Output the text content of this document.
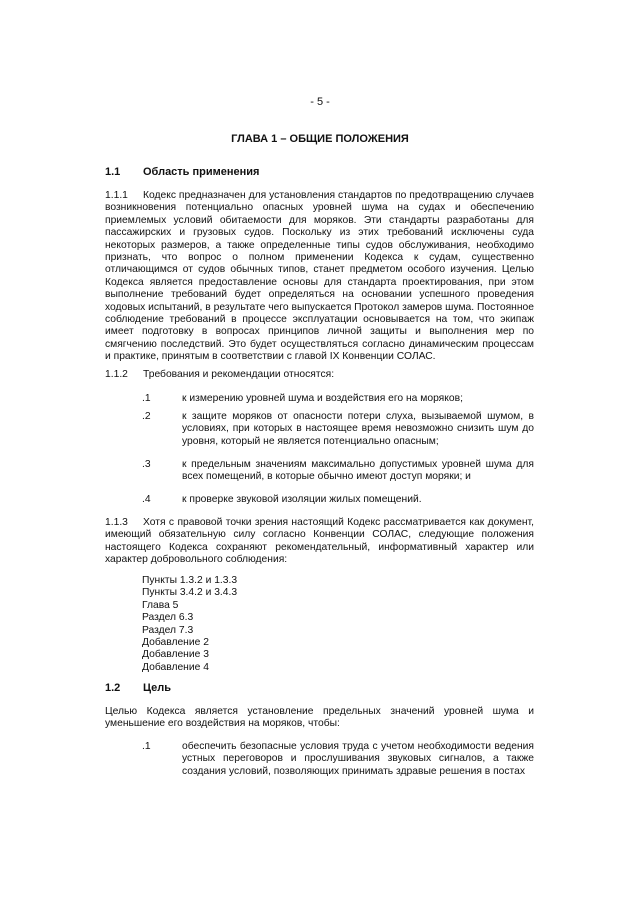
- 5 -
ГЛАВА 1 – ОБЩИЕ ПОЛОЖЕНИЯ
1.1 Область применения
1.1.1	Кодекс предназначен для установления стандартов по предотвращению случаев возникновения потенциально опасных уровней шума на судах и обеспечению приемлемых условий обитаемости для моряков. Эти стандарты разработаны для пассажирских и грузовых судов. Поскольку из этих требований исключены суда некоторых размеров, а также определенные типы судов обслуживания, необходимо признать, что вопрос о полном применении Кодекса к судам, существенно отличающимся от судов обычных типов, станет предметом особого изучения. Целью Кодекса является предоставление основы для стандарта проектирования, при этом выполнение требований будет определяться на основании успешного проведения ходовых испытаний, в результате чего выпускается Протокол замеров шума. Постоянное соблюдение требований в процессе эксплуатации основывается на том, что экипаж имеет подготовку в вопросах принципов личной защиты и выполнения мер по смягчению последствий. Это будет осуществляться согласно динамическим процессам и практике, принятым в соответствии с главой IX Конвенции СОЛАС.
1.1.2 Требования и рекомендации относятся:
.1	к измерению уровней шума и воздействия его на моряков;
.2	к защите моряков от опасности потери слуха, вызываемой шумом, в условиях, при которых в настоящее время невозможно снизить шум до уровня, который не является потенциально опасным;
.3	к предельным значениям максимально допустимых уровней шума для всех помещений, в которые обычно имеют доступ моряки; и
.4	к проверке звуковой изоляции жилых помещений.
1.1.3	Хотя с правовой точки зрения настоящий Кодекс рассматривается как документ, имеющий обязательную силу согласно Конвенции СОЛАС, следующие положения настоящего Кодекса сохраняют рекомендательный, информативный характер или характер добровольного соблюдения:
Пункты 1.3.2 и 1.3.3
Пункты 3.4.2 и 3.4.3
Глава 5
Раздел 6.3
Раздел 7.3
Добавление 2
Добавление 3
Добавление 4
1.2 Цель
Целью Кодекса является установление предельных значений уровней шума и уменьшение его воздействия на моряков, чтобы:
.1	обеспечить безопасные условия труда с учетом необходимости ведения устных переговоров и прослушивания звуковых сигналов, а также создания условий, позволяющих принимать здравые решения в постах
